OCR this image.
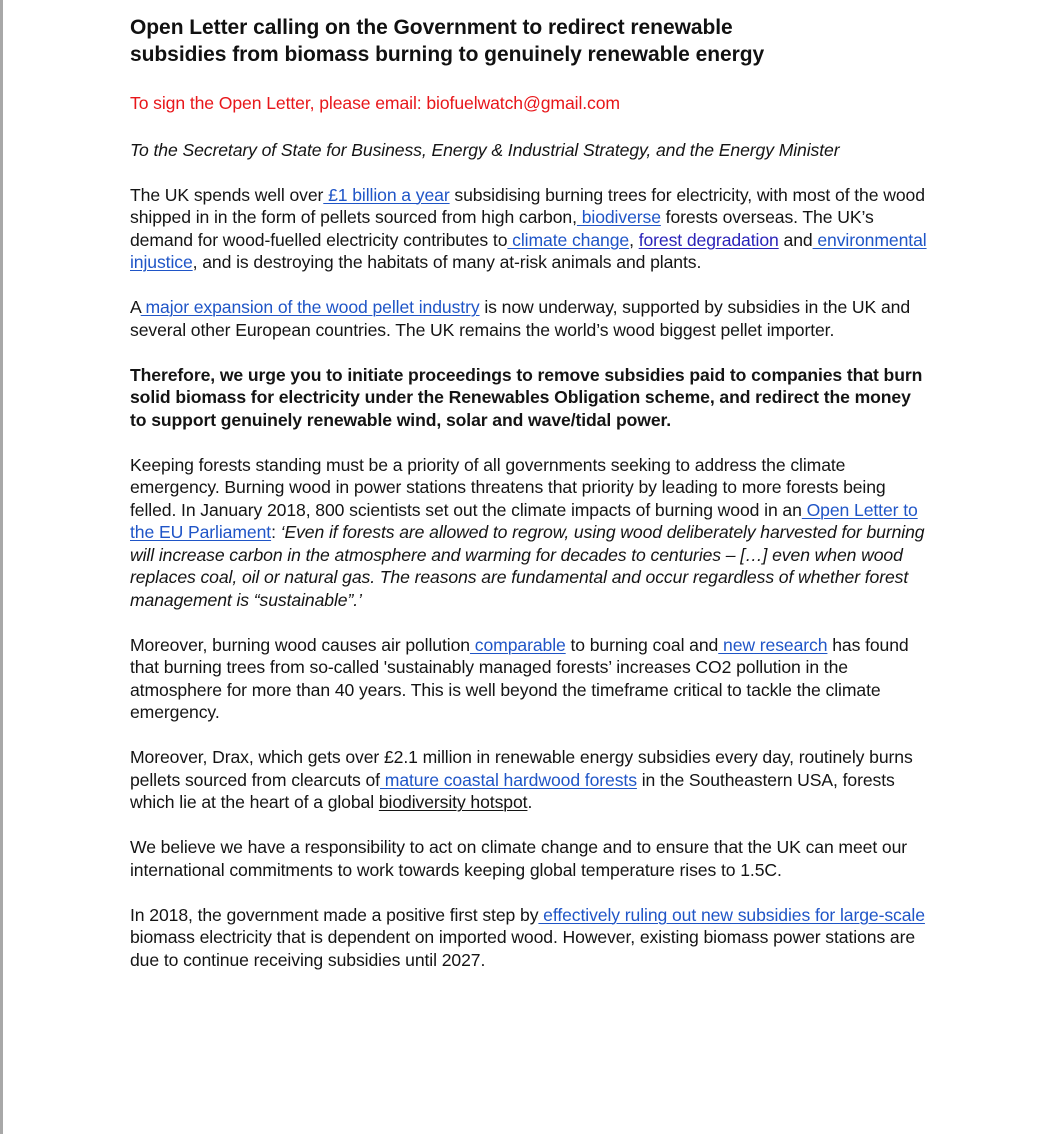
Open Letter calling on the Government to redirect renewable
subsidies from biomass burning to genuinely renewable energy

To sign the Open Letter, please email: biofuelwatch@gmail.com

To the Secretary of State for Business, Energy & Industrial Strategy, and the Energy Minister

The UK spends well over £1 billion a year subsidising burning trees for electricity, with most of the wood shipped in in the form of pellets sourced from high carbon, biodiverse forests overseas. The UK’s demand for wood-fuelled electricity contributes to climate change, forest degradation and environmental injustice, and is destroying the habitats of many at-risk animals and plants.

A major expansion of the wood pellet industry is now underway, supported by subsidies in the UK and several other European countries. The UK remains the world’s wood biggest pellet importer.

Therefore, we urge you to initiate proceedings to remove subsidies paid to companies that burn solid biomass for electricity under the Renewables Obligation scheme, and redirect the money to support genuinely renewable wind, solar and wave/tidal power.

Keeping forests standing must be a priority of all governments seeking to address the climate emergency. Burning wood in power stations threatens that priority by leading to more forests being felled. In January 2018, 800 scientists set out the climate impacts of burning wood in an Open Letter to the EU Parliament: ‘Even if forests are allowed to regrow, using wood deliberately harvested for burning will increase carbon in the atmosphere and warming for decades to centuries – […] even when wood replaces coal, oil or natural gas. The reasons are fundamental and occur regardless of whether forest management is “sustainable”.’

Moreover, burning wood causes air pollution comparable to burning coal and new research has found that burning trees from so-called 'sustainably managed forests’ increases CO2 pollution in the atmosphere for more than 40 years. This is well beyond the timeframe critical to tackle the climate emergency.

Moreover, Drax, which gets over £2.1 million in renewable energy subsidies every day, routinely burns pellets sourced from clearcuts of mature coastal hardwood forests in the Southeastern USA, forests which lie at the heart of a global biodiversity hotspot.

We believe we have a responsibility to act on climate change and to ensure that the UK can meet our international commitments to work towards keeping global temperature rises to 1.5C.

In 2018, the government made a positive first step by effectively ruling out new subsidies for large-scale biomass electricity that is dependent on imported wood. However, existing biomass power stations are due to continue receiving subsidies until 2027.
